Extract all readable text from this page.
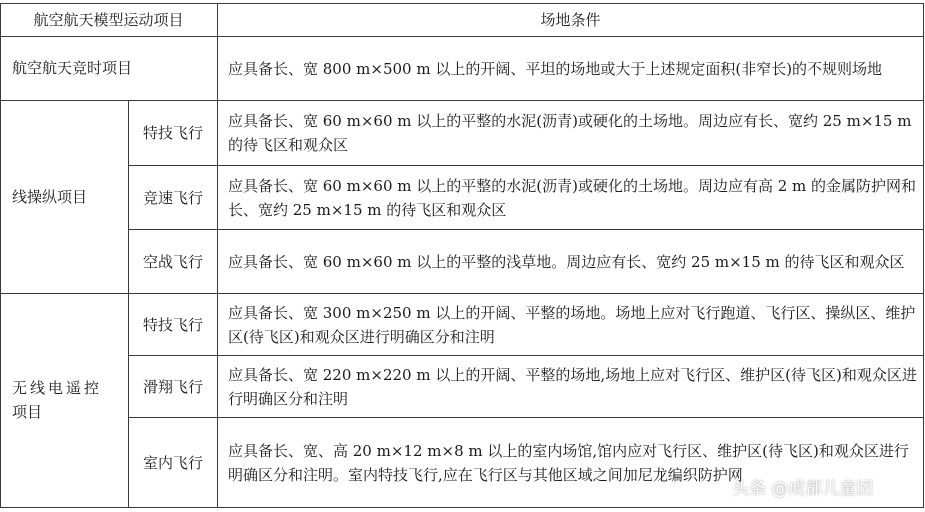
航空航天模型运动项目	场地条件
航空航天竞时项目	应具备长、宽 800 m×500 m 以上的开阔、平坦的场地或大于上述规定面积(非窄长)的不规则场地
线操纵项目
特技飞行
应具备长、宽 60 m×60 m 以上的平整的水泥(沥青)或硬化的土场地。周边应有长、宽约 25 m×15 m 的待飞区和观众区
竞速飞行
应具备长、宽 60 m×60 m 以上的平整的水泥(沥青)或硬化的土场地。周边应有高 2 m 的金属防护网和长、宽约 25 m×15 m 的待飞区和观众区
空战飞行 应具备长、宽 60 m×60 m 以上的平整的浅草地。周边应有长、宽约 25 m×15 m 的待飞区和观众区
无线电遥控
项目
特技飞行
应具备长、宽 300 m×250 m 以上的开阔、平整的场地。场地上应对飞行跑道、飞行区、操纵区、维护区(待飞区)和观众区进行明确区分和注明
滑翔飞行
应具备长、宽 220 m×220 m 以上的开阔、平整的场地,场地上应对飞行区、维护区(待飞区)和观众区进行明确区分和注明
室内飞行
应具备长、宽、高 20 m×12 m×8 m 以上的室内场馆,馆内应对飞行区、维护区(待飞区)和观众区进行明确区分和注明。室内特技飞行,应在飞行区与其他区域之间加尼龙编织防护网
头条 @成都儿童团
